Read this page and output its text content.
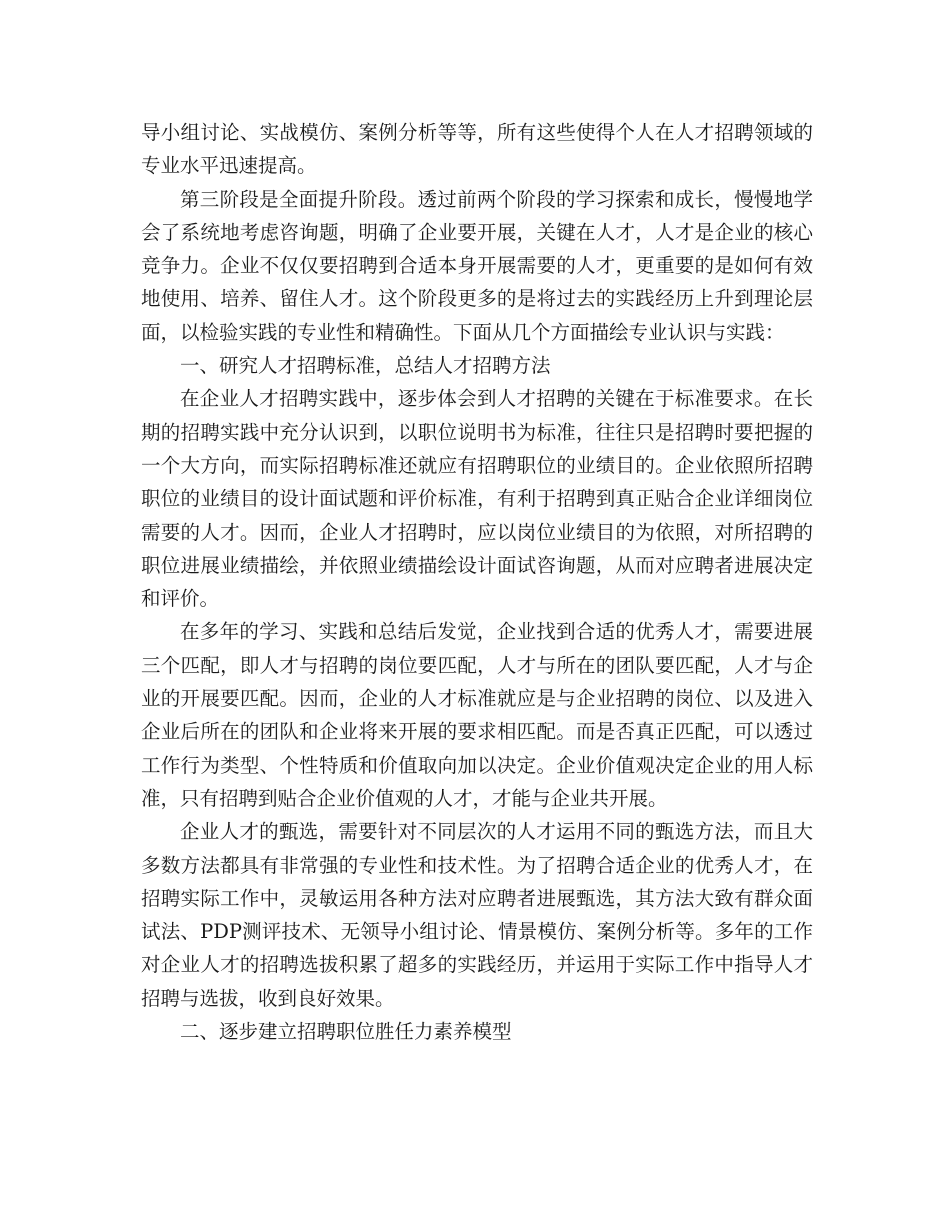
导小组讨论、实战模仿、案例分析等等，所有这些使得个人在人才招聘领域的专业水平迅速提高。

第三阶段是全面提升阶段。透过前两个阶段的学习探索和成长，慢慢地学会了系统地考虑咨询题，明确了企业要开展，关键在人才，人才是企业的核心竞争力。企业不仅仅要招聘到合适本身开展需要的人才，更重要的是如何有效地使用、培养、留住人才。这个阶段更多的是将过去的实践经历上升到理论层面，以检验实践的专业性和精确性。下面从几个方面描绘专业认识与实践：

一、研究人才招聘标准，总结人才招聘方法

在企业人才招聘实践中，逐步体会到人才招聘的关键在于标准要求。在长期的招聘实践中充分认识到，以职位说明书为标准，往往只是招聘时要把握的一个大方向，而实际招聘标准还就应有招聘职位的业绩目的。企业依照所招聘职位的业绩目的设计面试题和评价标准，有利于招聘到真正贴合企业详细岗位需要的人才。因而，企业人才招聘时，应以岗位业绩目的为依照，对所招聘的职位进展业绩描绘，并依照业绩描绘设计面试咨询题，从而对应聘者进展决定和评价。

在多年的学习、实践和总结后发觉，企业找到合适的优秀人才，需要进展三个匹配，即人才与招聘的岗位要匹配，人才与所在的团队要匹配，人才与企业的开展要匹配。因而，企业的人才标准就应是与企业招聘的岗位、以及进入企业后所在的团队和企业将来开展的要求相匹配。而是否真正匹配，可以透过工作行为类型、个性特质和价值取向加以决定。企业价值观决定企业的用人标准，只有招聘到贴合企业价值观的人才，才能与企业共开展。

企业人才的甄选，需要针对不同层次的人才运用不同的甄选方法，而且大多数方法都具有非常强的专业性和技术性。为了招聘合适企业的优秀人才，在招聘实际工作中，灵敏运用各种方法对应聘者进展甄选，其方法大致有群众面试法、PDP测评技术、无领导小组讨论、情景模仿、案例分析等。多年的工作对企业人才的招聘选拔积累了超多的实践经历，并运用于实际工作中指导人才招聘与选拔，收到良好效果。

二、逐步建立招聘职位胜任力素养模型
